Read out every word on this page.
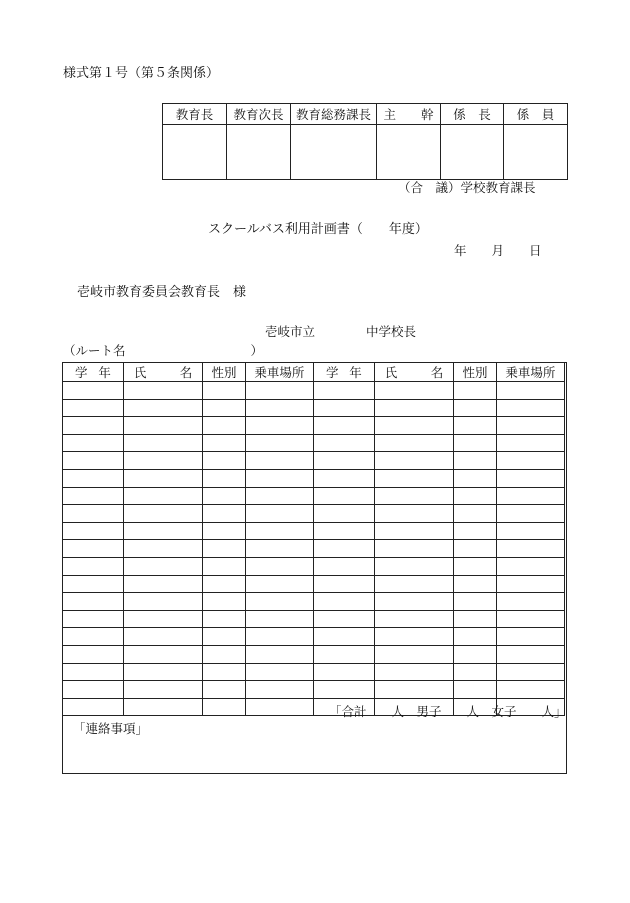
様式第１号（第５条関係）
教育長	教育次長	教育総務課長	主　　幹	係　長	係　員

（合　議）学校教育課長
スクールバス利用計画書（　　年度）
年　　月　　日
壱岐市教育委員会教育長　様
壱岐市立	中学校長
（ルート名　　　　　　　　　　）
学 年	氏 名	性別	乗車場所	学 年	氏 名	性別	乗車場所

「合計　　人　男子　　人　女子　　人」
「連絡事項」
